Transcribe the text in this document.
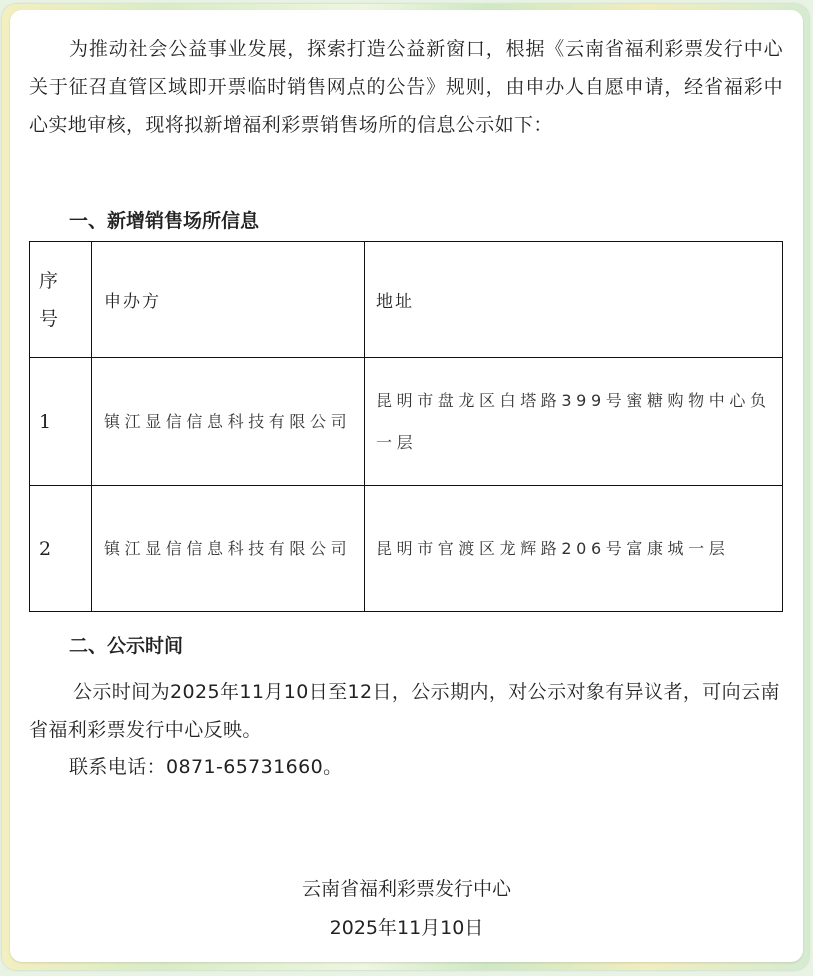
为推动社会公益事业发展，探索打造公益新窗口，根据《云南省福利彩票发行中心关于征召直管区域即开票临时销售网点的公告》规则，由申办人自愿申请，经省福彩中心实地审核，现将拟新增福利彩票销售场所的信息公示如下：
一、新增销售场所信息
序
号	申办方	地址
1	镇江显信信息科技有限公司	昆明市盘龙区白塔路399号蜜糖购物中心负一层

2	镇江显信信息科技有限公司	昆明市官渡区龙辉路206号富康城一层
二、公示时间
公示时间为2025年11月10日至12日，公示期内，对公示对象有异议者，可向云南省福利彩票发行中心反映。
联系电话：0871-65731660。
云南省福利彩票发行中心
2025年11月10日
